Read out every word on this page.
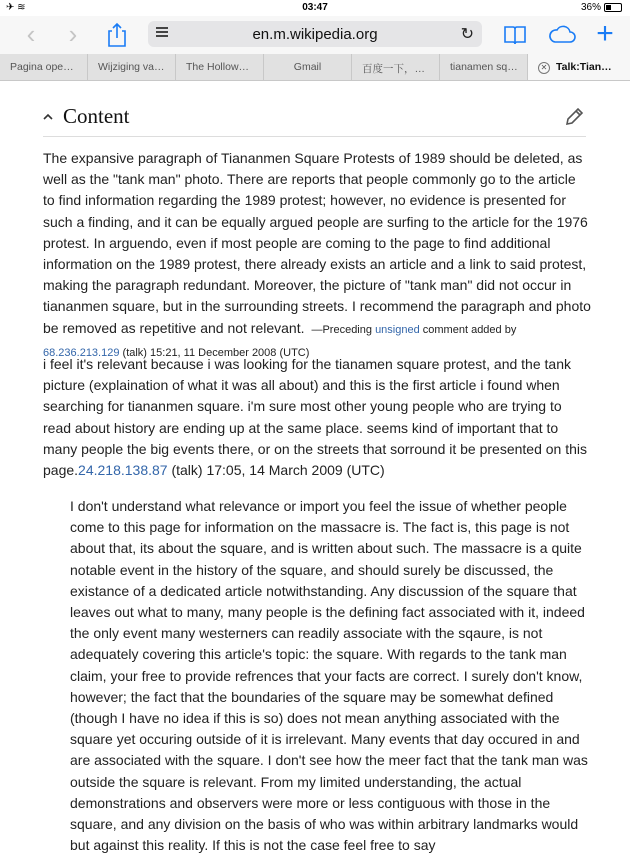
✈ ︎≋	03:47	36%
‹	›	en.m.wikipedia.org	↻	+
Pagina ope…	Wijziging va…	The Hollow…	Gmail	百度一下，…	tianamen sq…	✕ Talk:Tian…
Content
The expansive paragraph of Tiananmen Square Protests of 1989 should be deleted, as well as the "tank man" photo. There are reports that people commonly go to the article to find information regarding the 1989 protest; however, no evidence is presented for such a finding, and it can be equally argued people are surfing to the article for the 1976 protest. In arguendo, even if most people are coming to the page to find additional information on the 1989 protest, there already exists an article and a link to said protest, making the paragraph redundant. Moreover, the picture of "tank man" did not occur in tiananmen square, but in the surrounding streets. I recommend the paragraph and photo be removed as repetitive and not relevant. —Preceding unsigned comment added by 68.236.213.129 (talk) 15:21, 11 December 2008 (UTC)
i feel it's relevant because i was looking for the tianamen square protest, and the tank picture (explaination of what it was all about) and this is the first article i found when searching for tiananmen square. i'm sure most other young people who are trying to read about history are ending up at the same place. seems kind of important that to many people the big events there, or on the streets that sorround it be presented on this page.24.218.138.87 (talk) 17:05, 14 March 2009 (UTC)
I don't understand what relevance or import you feel the issue of whether people come to this page for information on the massacre is. The fact is, this page is not about that, its about the square, and is written about such. The massacre is a quite notable event in the history of the square, and should surely be discussed, the existance of a dedicated article notwithstanding. Any discussion of the square that leaves out what to many, many people is the defining fact associated with it, indeed the only event many westerners can readily associate with the sqaure, is not adequately covering this article's topic: the square. With regards to the tank man claim, your free to provide refrences that your facts are correct. I surely don't know, however; the fact that the boundaries of the square may be somewhat defined (though I have no idea if this is so) does not mean anything associated with the square yet occuring outside of it is irrelevant. Many events that day occured in and are associated with the square. I don't see how the meer fact that the tank man was outside the square is relevant. From my limited understanding, the actual demonstrations and observers were more or less contiguous with those in the square, and any division on the basis of who was within arbitrary landmarks would but against this reality. If this is not the case feel free to say
